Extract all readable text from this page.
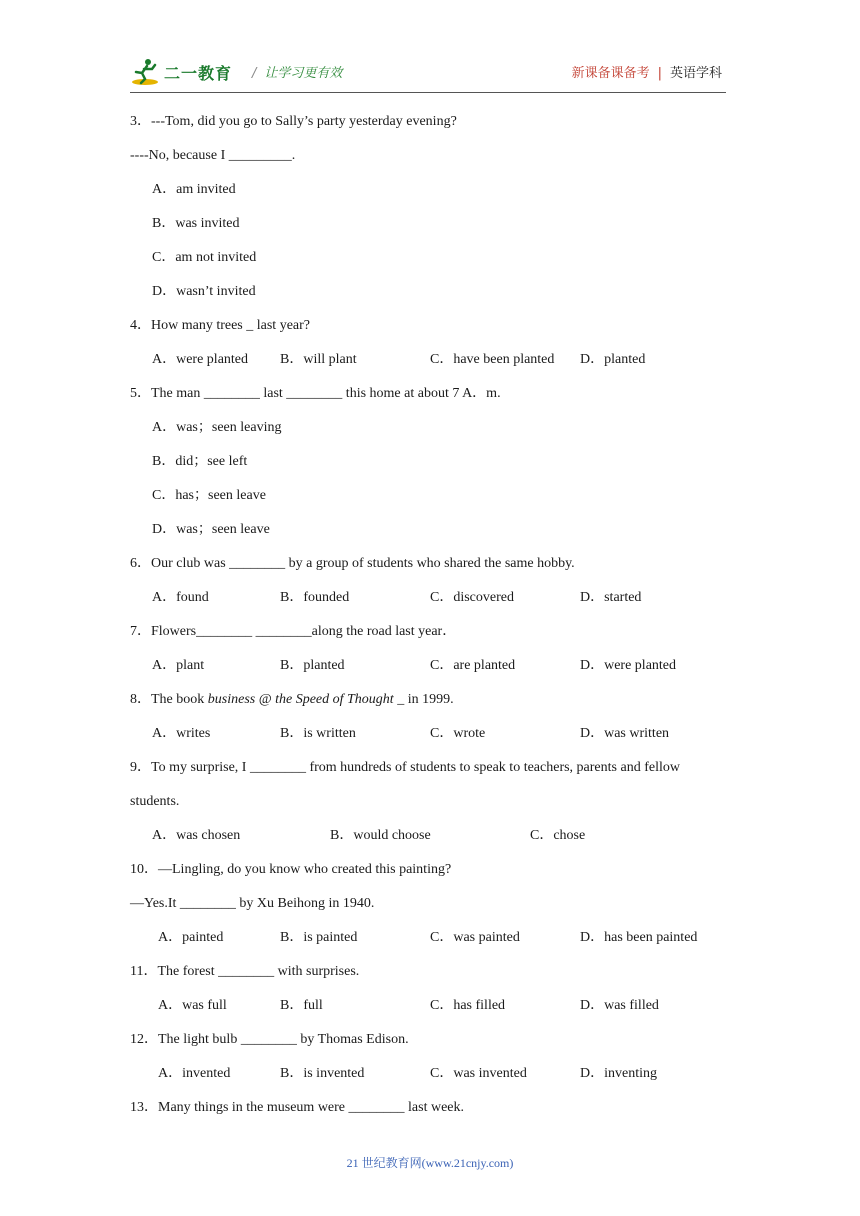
二一教育 / 让学习更有效	新课备课备考 | 英语学科
3．---Tom, did you go to Sally’s party yesterday evening?
----No, because I _________.
A．am invited
B．was invited
C．am not invited
D．wasn’t invited
4．How many trees _ last year?
A．were planted B．will plant	C．have been planted D．planted
5．The man ________ last ________ this home at about 7 A．m.
A．was；seen leaving
B．did；see left
C．has；seen leave
D．was；seen leave
6．Our club was ________ by a group of students who shared the same hobby.
A．found	B．founded	C．discovered	D．started
7．Flowers________ ________along the road last year．
A．plant	B．planted	C．are planted	D．were planted
8．The book business @ the Speed of Thought _ in 1999.
A．writes	B．is written	C．wrote	D．was written
9．To my surprise, I ________ from hundreds of students to speak to teachers, parents and fellow
students.
A．was chosen	B．would choose	C．chose
10．—Lingling, do you know who created this painting?
—Yes.It ________ by Xu Beihong in 1940.
A．painted	B．is painted	C．was painted	D．has been painted
11．The forest ________ with surprises.
A．was full	B．full	C．has filled	D．was filled
12．The light bulb ________ by Thomas Edison.
A．invented	B．is invented	C．was invented	D．inventing
13．Many things in the museum were ________ last week.
21 世纪教育网(www.21cnjy.com)
